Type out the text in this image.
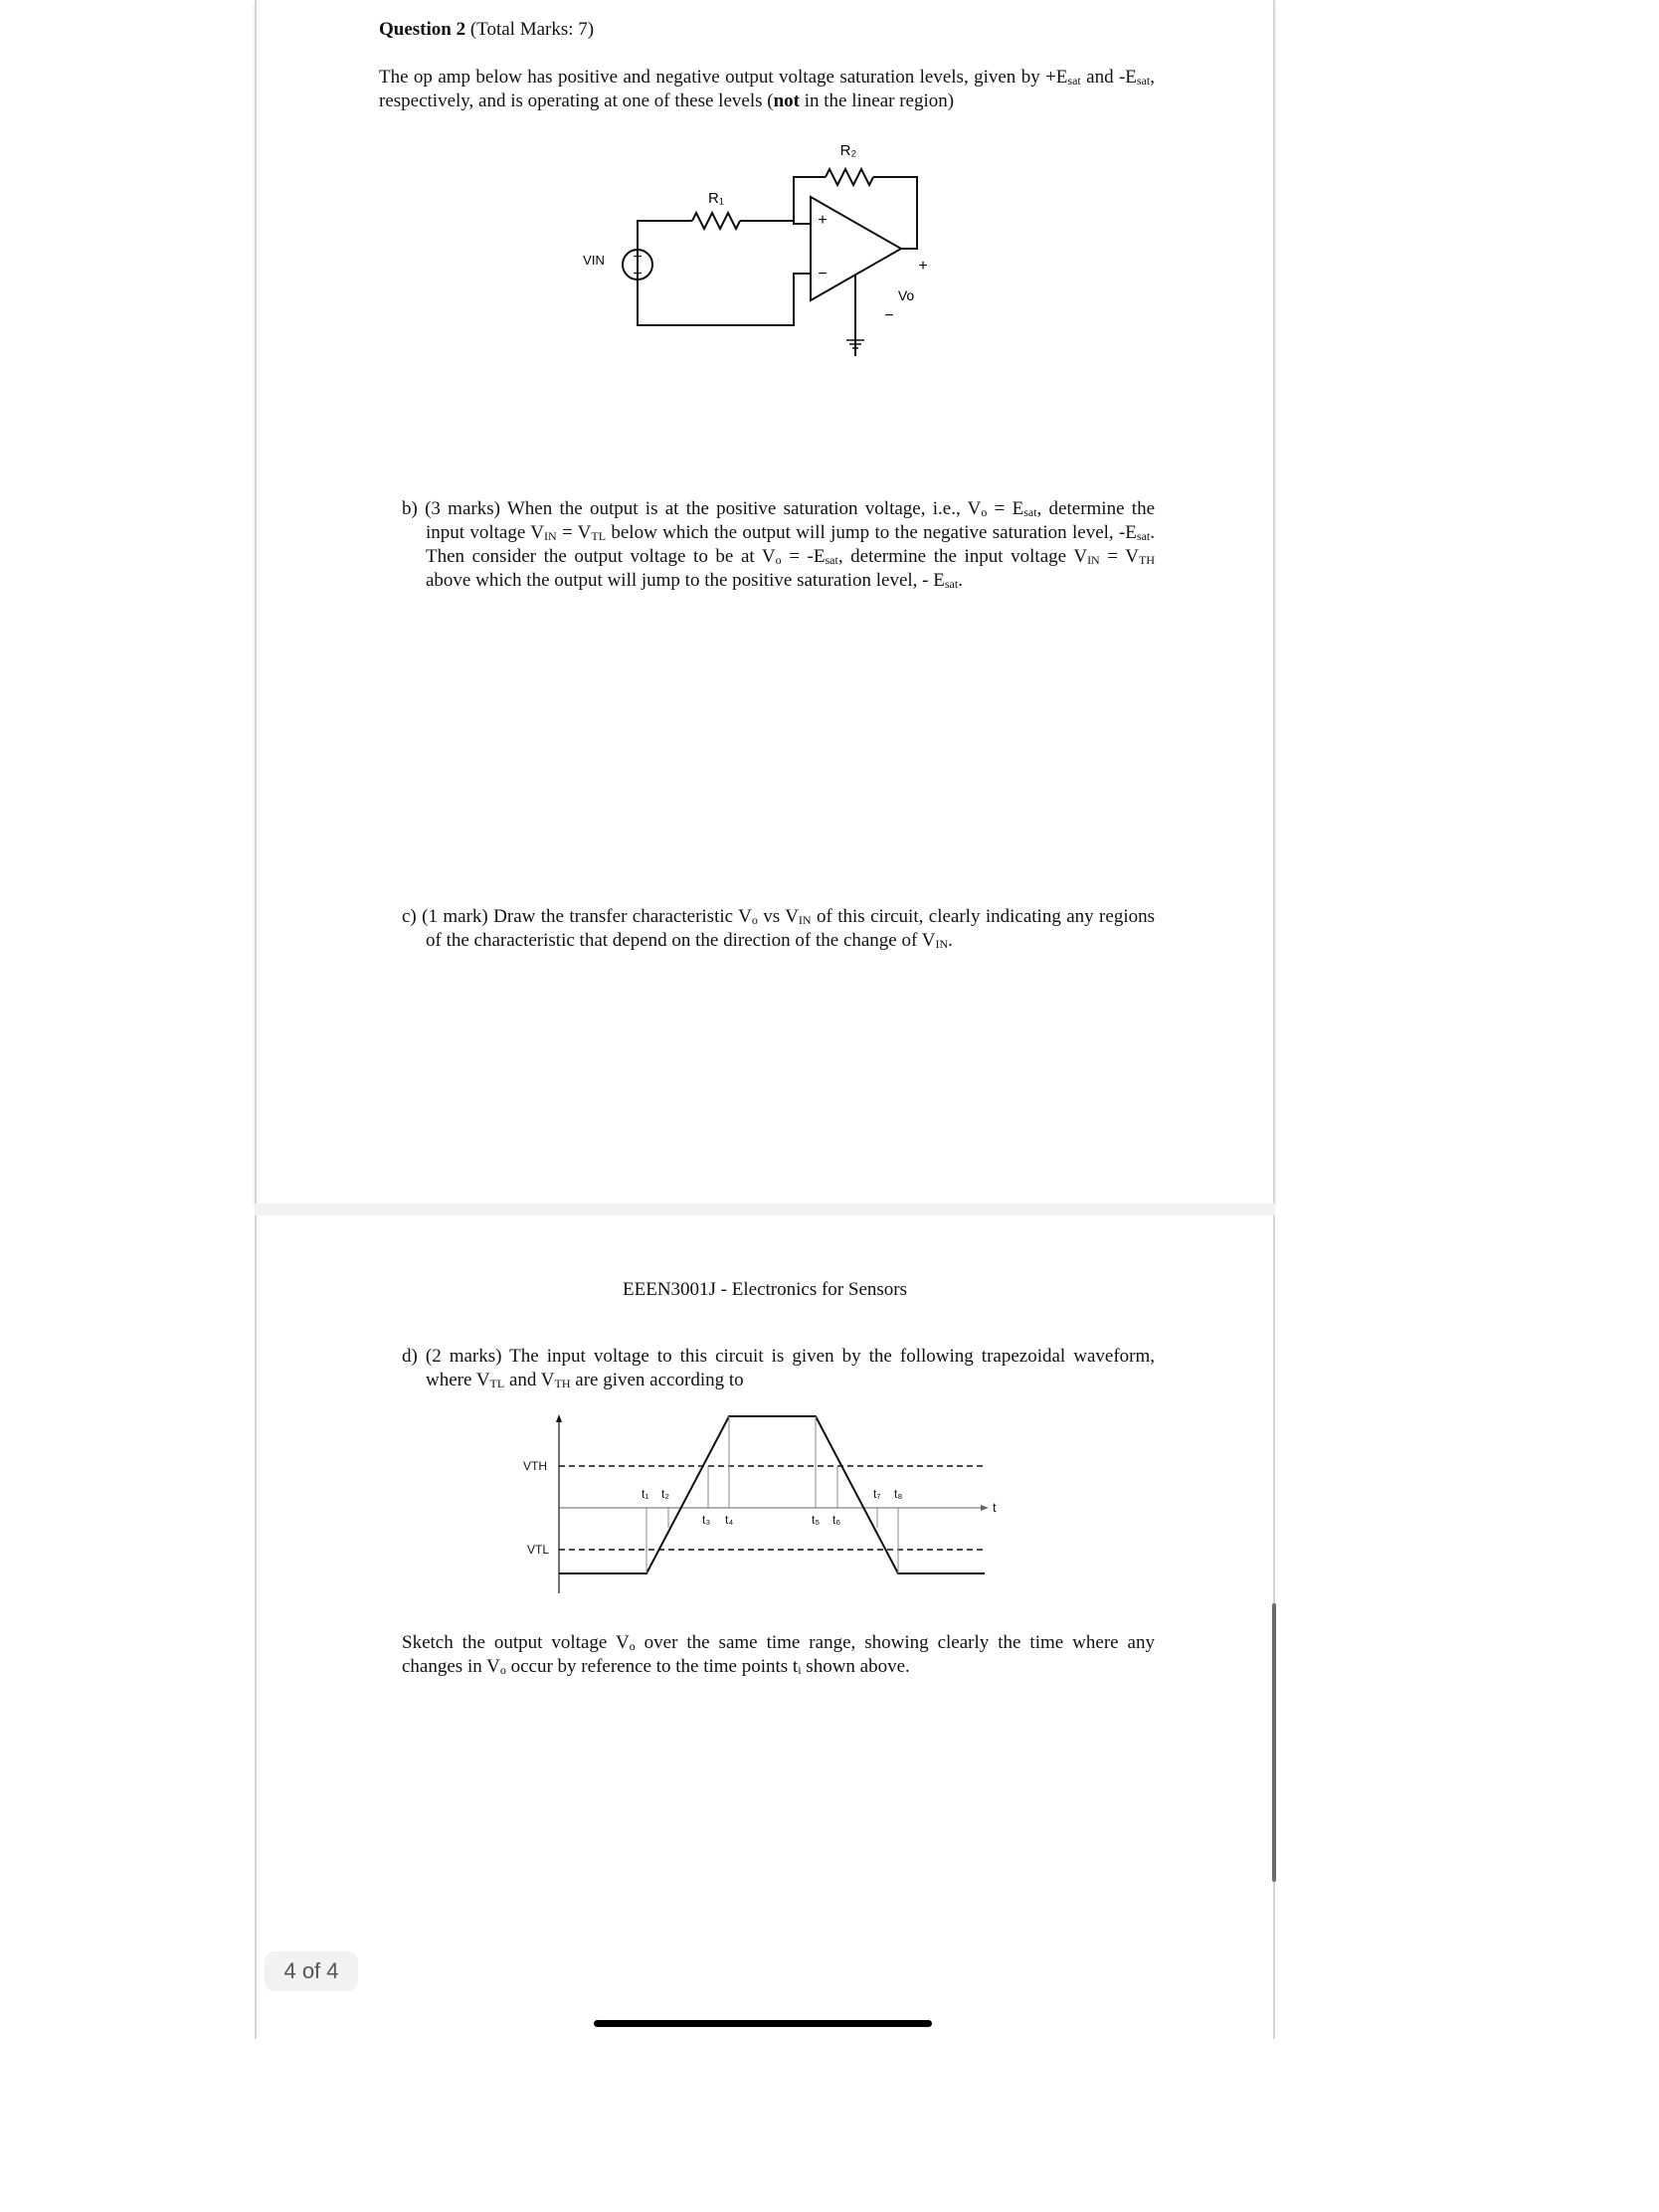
Question 2 (Total Marks: 7)
The op amp below has positive and negative output voltage saturation levels, given by $+E_{sat}$ and $-E_{sat}$,
respectively, and is operating at one of these levels (not in the linear region)
+
−
+
−	+
−
R₂
R₁
VIN
Vo
b) (3 marks) When the output is at the positive saturation voltage, i.e., $V_o = E_{sat}$, determine the
input voltage $V_{IN} = V_{TL}$ below which the output will jump to the negative saturation level, $-E_{sat}$.
Then consider the output voltage to be at $V_o = -E_{sat}$, determine the input voltage $V_{IN} = V_{TH}$
above which the output will jump to the positive saturation level, - $E_{sat}$.
c) (1 mark) Draw the transfer characteristic $V_o$ vs $V_{IN}$ of this circuit, clearly indicating any regions
of the characteristic that depend on the direction of the change of $V_{IN}$.
EEEN3001J - Electronics for Sensors
d) (2 marks) The input voltage to this circuit is given by the following trapezoidal waveform,
where $V_{TL}$ and $V_{TH}$ are given according to
VTH
VTL
t
t₁ t₂
t₃ t₄	t₅ t₆
t₇ t₈
Sketch the output voltage $V_o$ over the same time range, showing clearly the time where any
changes in $V_o$ occur by reference to the time points $t_i$ shown above.
4 of 4
